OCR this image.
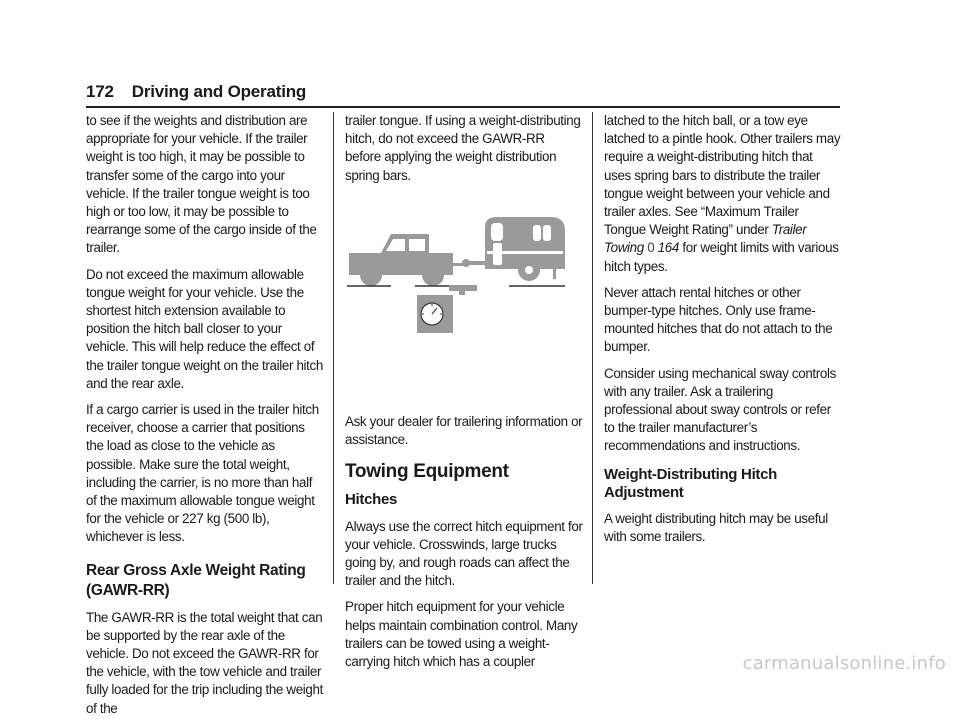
172 Driving and Operating

to see if the weights and distribution are appropriate for your vehicle. If the trailer weight is too high, it may be possible to transfer some of the cargo into your vehicle. If the trailer tongue weight is too high or too low, it may be possible to rearrange some of the cargo inside of the trailer.

Do not exceed the maximum allowable tongue weight for your vehicle. Use the shortest hitch extension available to position the hitch ball closer to your vehicle. This will help reduce the effect of the trailer tongue weight on the trailer hitch and the rear axle.

If a cargo carrier is used in the trailer hitch receiver, choose a carrier that positions the load as close to the vehicle as possible. Make sure the total weight, including the carrier, is no more than half of the maximum allowable tongue weight for the vehicle or 227 kg (500 lb), whichever is less.

Rear Gross Axle Weight Rating (GAWR-RR)

The GAWR-RR is the total weight that can be supported by the rear axle of the vehicle. Do not exceed the GAWR-RR for the vehicle, with the tow vehicle and trailer fully loaded for the trip including the weight of the

trailer tongue. If using a weight-distributing hitch, do not exceed the GAWR-RR before applying the weight distribution spring bars.

Ask your dealer for trailering information or assistance.

Towing Equipment
Hitches

Always use the correct hitch equipment for your vehicle. Crosswinds, large trucks going by, and rough roads can affect the trailer and the hitch.

Proper hitch equipment for your vehicle helps maintain combination control. Many trailers can be towed using a weight-carrying hitch which has a coupler

latched to the hitch ball, or a tow eye latched to a pintle hook. Other trailers may require a weight-distributing hitch that uses spring bars to distribute the trailer tongue weight between your vehicle and trailer axles. See “Maximum Trailer Tongue Weight Rating” under Trailer Towing 0 164 for weight limits with various hitch types.

Never attach rental hitches or other bumper-type hitches. Only use frame-mounted hitches that do not attach to the bumper.

Consider using mechanical sway controls with any trailer. Ask a trailering professional about sway controls or refer to the trailer manufacturer’s recommendations and instructions.

Weight-Distributing Hitch Adjustment

A weight distributing hitch may be useful with some trailers.

carmanualsonline.info
